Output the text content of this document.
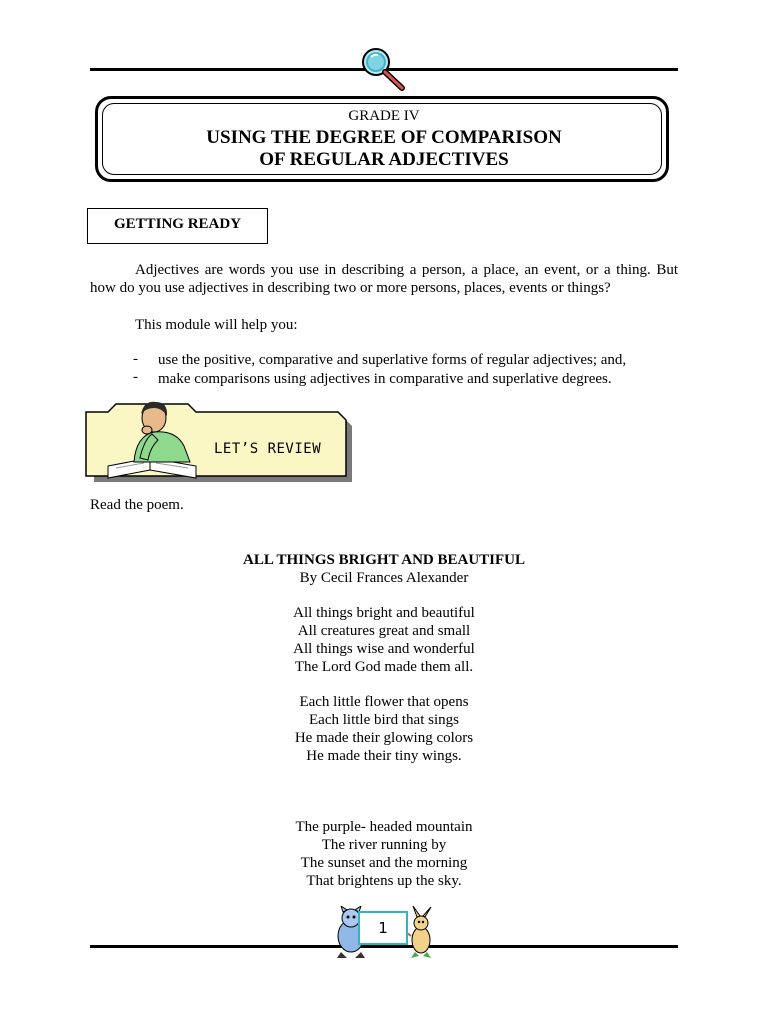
GRADE IV
USING THE DEGREE OF COMPARISON
OF REGULAR ADJECTIVES
GETTING READY
Adjectives are words you use in describing a person, a place, an event, or a thing. But how do you use adjectives in describing two or more persons, places, events or things?
This module will help you:
- use the positive, comparative and superlative forms of regular adjectives; and,
- make comparisons using adjectives in comparative and superlative degrees.
LET’S REVIEW
Read the poem.
ALL THINGS BRIGHT AND BEAUTIFUL
By Cecil Frances Alexander
All things bright and beautiful
All creatures great and small
All things wise and wonderful
The Lord God made them all.
Each little flower that opens
Each little bird that sings
He made their glowing colors
He made their tiny wings.
The purple- headed mountain
The river running by
The sunset and the morning
That brightens up the sky.
1
